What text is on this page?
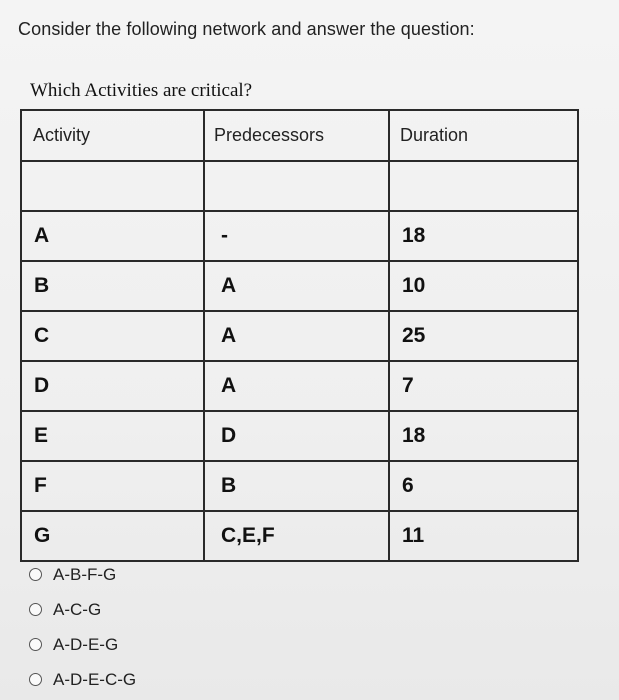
Consider the following network and answer the question:
Which Activities are critical?
Activity	Predecessors	Duration

A	-	18
B	A	10
C	A	25
D	A	7
E	D	18
F	B	6
G	C,E,F	11
A-B-F-G
A-C-G
A-D-E-G
A-D-E-C-G
